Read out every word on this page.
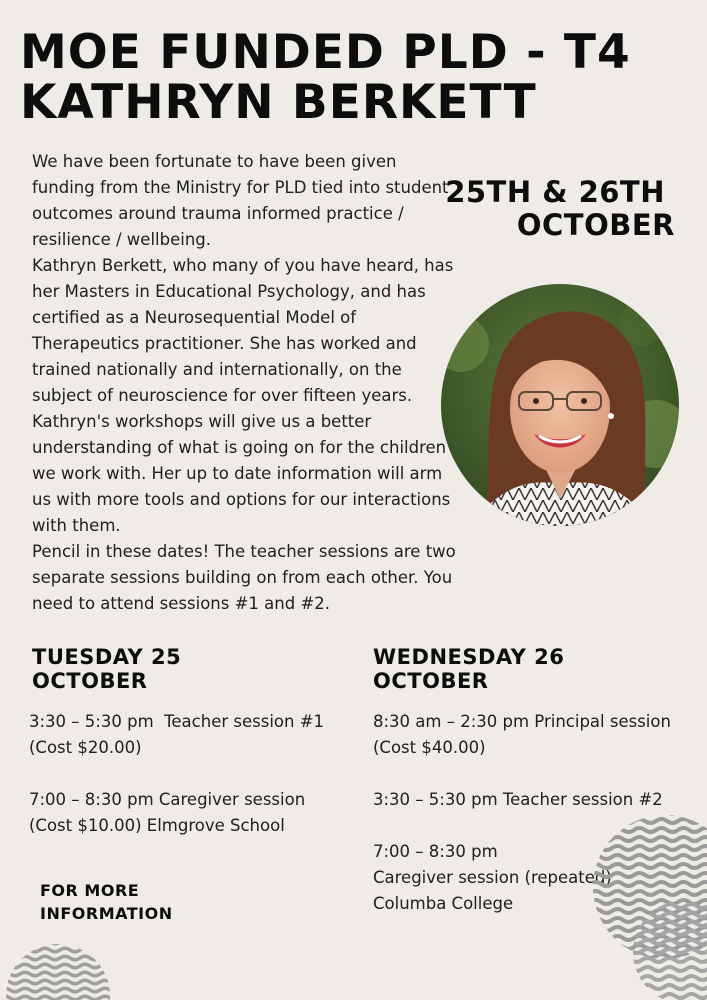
MOE FUNDED PLD - T4
KATHRYN BERKETT

We have been fortunate to have been given funding from the Ministry for PLD tied into student outcomes around trauma informed practice / resilience / wellbeing.

Kathryn Berkett, who many of you have heard, has her Masters in Educational Psychology, and has certified as a Neurosequential Model of Therapeutics practitioner. She has worked and trained nationally and internationally, on the subject of neuroscience for over fifteen years. Kathryn's workshops will give us a better understanding of what is going on for the children we work with. Her up to date information will arm us with more tools and options for our interactions with them.

Pencil in these dates! The teacher sessions are two separate sessions building on from each other. You need to attend sessions #1 and #2.

25TH & 26TH
OCTOBER
TUESDAY 25
OCTOBER
3:30 – 5:30 pm  Teacher session #1
(Cost $20.00)
7:00 – 8:30 pm Caregiver session
(Cost $10.00) Elmgrove School
WEDNESDAY 26
OCTOBER
8:30 am – 2:30 pm Principal session
(Cost $40.00)
3:30 – 5:30 pm Teacher session #2
7:00 – 8:30 pm
Caregiver session (repeated)
Columba College
FOR MORE
INFORMATION
